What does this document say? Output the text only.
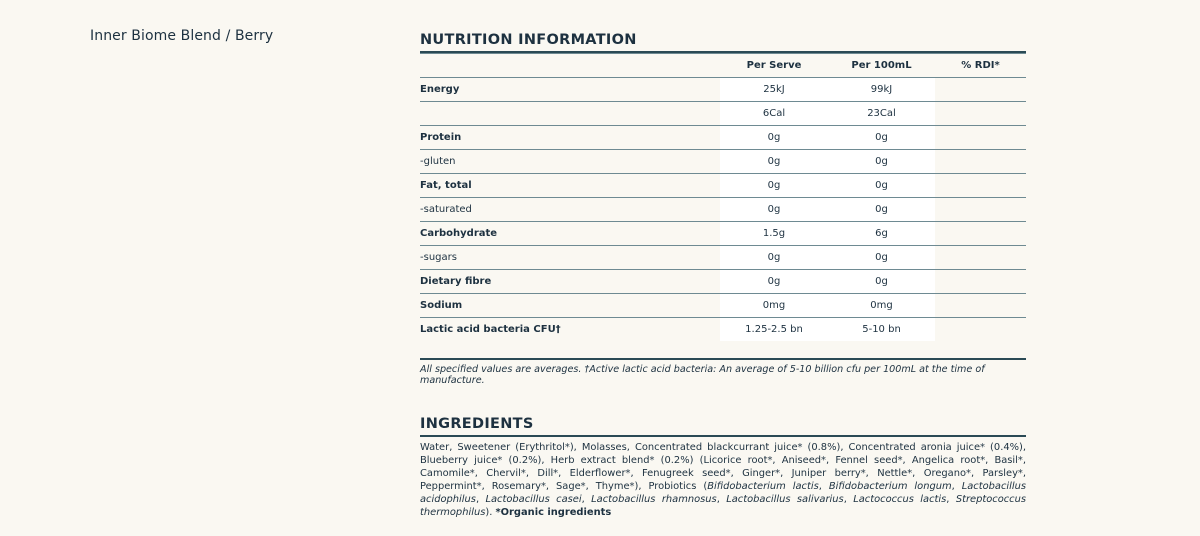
Inner Biome Blend / Berry	NUTRITION INFORMATION
	Per Serve	Per 100mL	% RDI*
Energy	25kJ	99kJ	
	6Cal	23Cal	
Protein	0g	0g	
-gluten	0g	0g	
Fat, total	0g	0g	
-saturated	0g	0g	
Carbohydrate	1.5g	6g	
-sugars	0g	0g	
Dietary fibre	0g	0g	
Sodium	0mg	0mg	
Lactic acid bacteria CFU†	1.25-2.5 bn	5-10 bn	
All specified values are averages. †Active lactic acid bacteria: An average of 5-10 billion cfu per 100mL at the time of manufacture.
INGREDIENTS
Water, Sweetener (Erythritol*), Molasses, Concentrated blackcurrant juice* (0.8%), Concentrated aronia juice* (0.4%), Blueberry juice* (0.2%), Herb extract blend* (0.2%) (Licorice root*, Aniseed*, Fennel seed*, Angelica root*, Basil*, Camomile*, Chervil*, Dill*, Elderflower*, Fenugreek seed*, Ginger*, Juniper berry*, Nettle*, Oregano*, Parsley*, Peppermint*, Rosemary*, Sage*, Thyme*), Probiotics (Bifidobacterium lactis, Bifidobacterium longum, Lactobacillus acidophilus, Lactobacillus casei, Lactobacillus rhamnosus, Lactobacillus salivarius, Lactococcus lactis, Streptococcus thermophilus). *Organic ingredients
